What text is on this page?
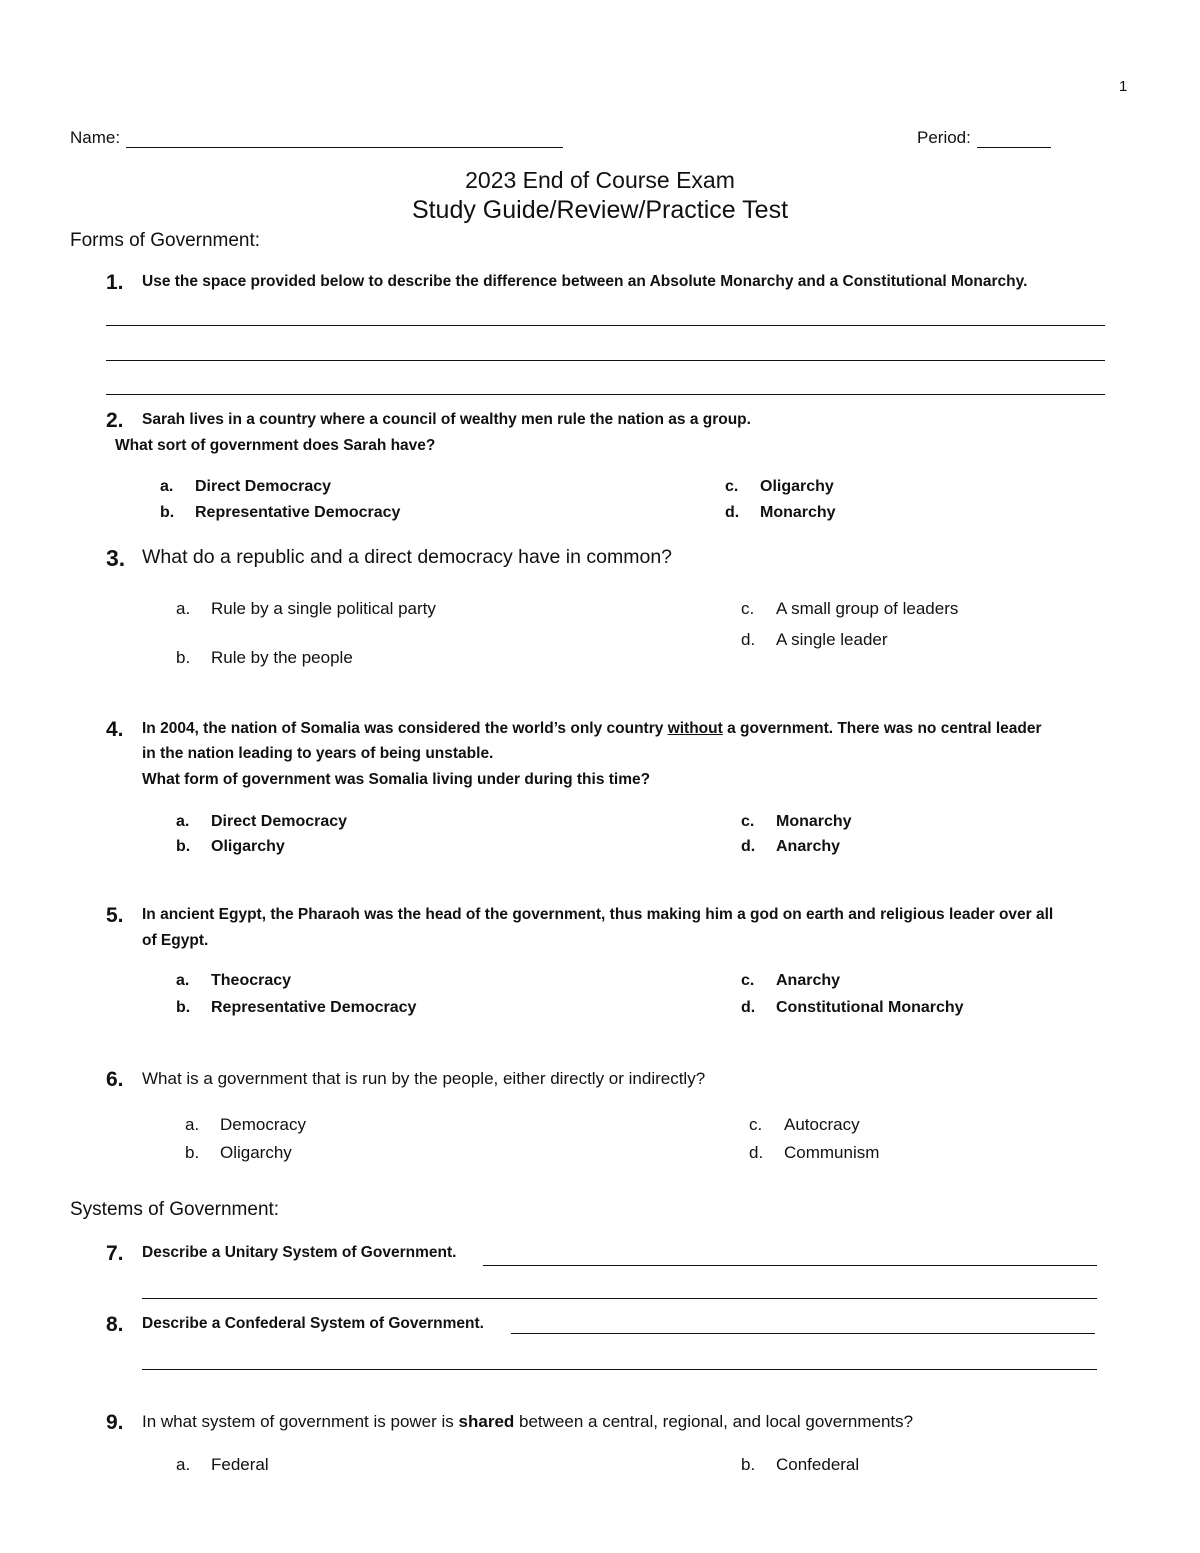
1
Name:	Period:
2023 End of Course Exam
Study Guide/Review/Practice Test
Forms of Government:
1. Use the space provided below to describe the difference between an Absolute Monarchy and a Constitutional Monarchy.
2. Sarah lives in a country where a council of wealthy men rule the nation as a group.
What sort of government does Sarah have?
a. Direct Democracy
b. Representative Democracy
c. Oligarchy
d. Monarchy
3. What do a republic and a direct democracy have in common?
a. Rule by a single political party
b. Rule by the people
c. A small group of leaders
d. A single leader
4. In 2004, the nation of Somalia was considered the world’s only country without a government. There was no central leader
in the nation leading to years of being unstable.
What form of government was Somalia living under during this time?
a. Direct Democracy
b. Oligarchy
c. Monarchy
d. Anarchy
5. In ancient Egypt, the Pharaoh was the head of the government, thus making him a god on earth and religious leader over all
of Egypt.
a. Theocracy
b. Representative Democracy
c. Anarchy
d. Constitutional Monarchy
6. What is a government that is run by the people, either directly or indirectly?
a. Democracy
b. Oligarchy
c. Autocracy
d. Communism
Systems of Government:
7. Describe a Unitary System of Government.
8. Describe a Confederal System of Government.
9. In what system of government is power is shared between a central, regional, and local governments?
a. Federal	b. Confederal
